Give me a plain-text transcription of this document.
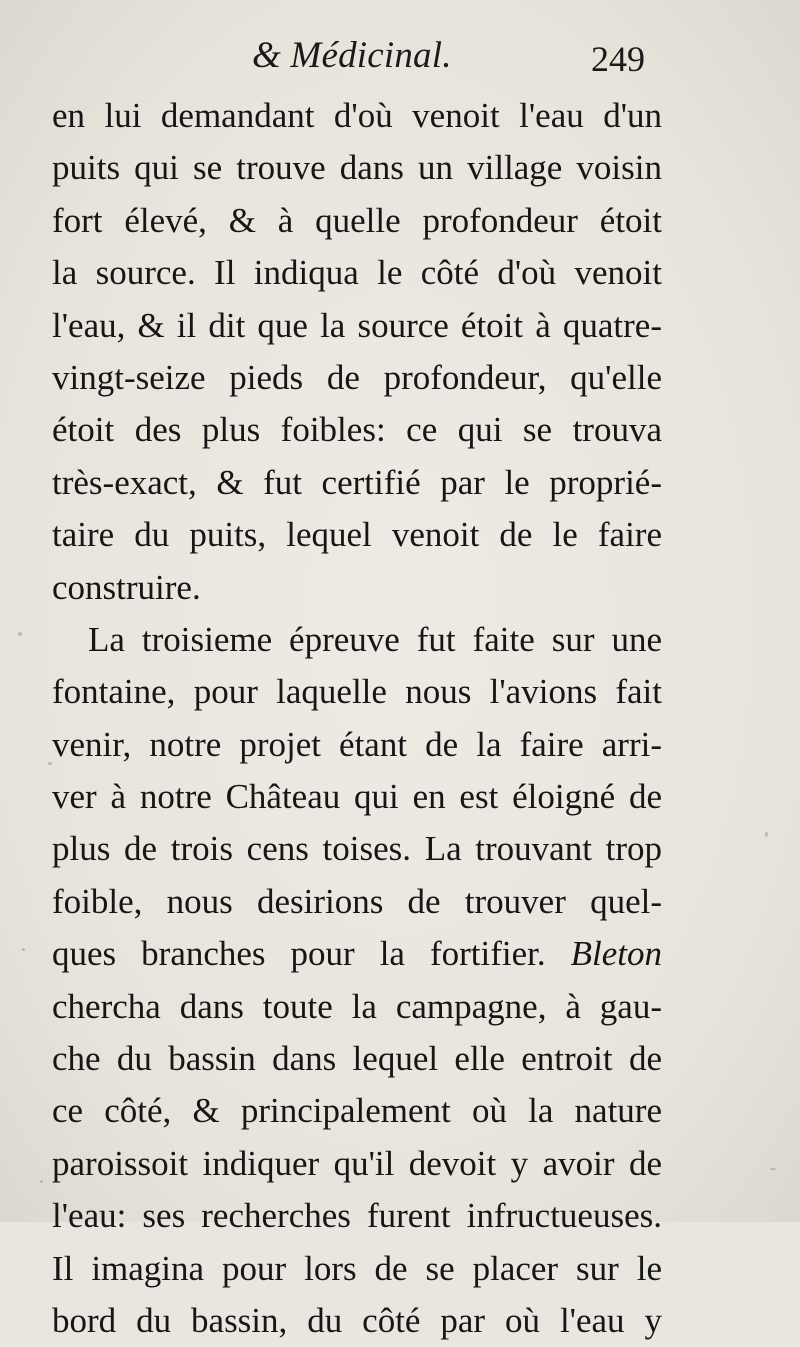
& Médicinal.	249
en lui demandant d'où venoit l'eau d'un
puits qui se trouve dans un village voisin
fort élevé, & à quelle profondeur étoit
la source. Il indiqua le côté d'où venoit
l'eau, & il dit que la source étoit à quatre-
vingt-seize pieds de profondeur, qu'elle
étoit des plus foibles: ce qui se trouva
très-exact, & fut certifié par le proprié-
taire du puits, lequel venoit de le faire
construire.
La troisieme épreuve fut faite sur une
fontaine, pour laquelle nous l'avions fait
venir, notre projet étant de la faire arri-
ver à notre Château qui en est éloigné de
plus de trois cens toises. La trouvant trop
foible, nous desirions de trouver quel-
ques branches pour la fortifier. Bleton
chercha dans toute la campagne, à gau-
che du bassin dans lequel elle entroit de
ce côté, & principalement où la nature
paroissoit indiquer qu'il devoit y avoir de
l'eau: ses recherches furent infructueuses.
Il imagina pour lors de se placer sur le
bord du bassin, du côté par où l'eau y
